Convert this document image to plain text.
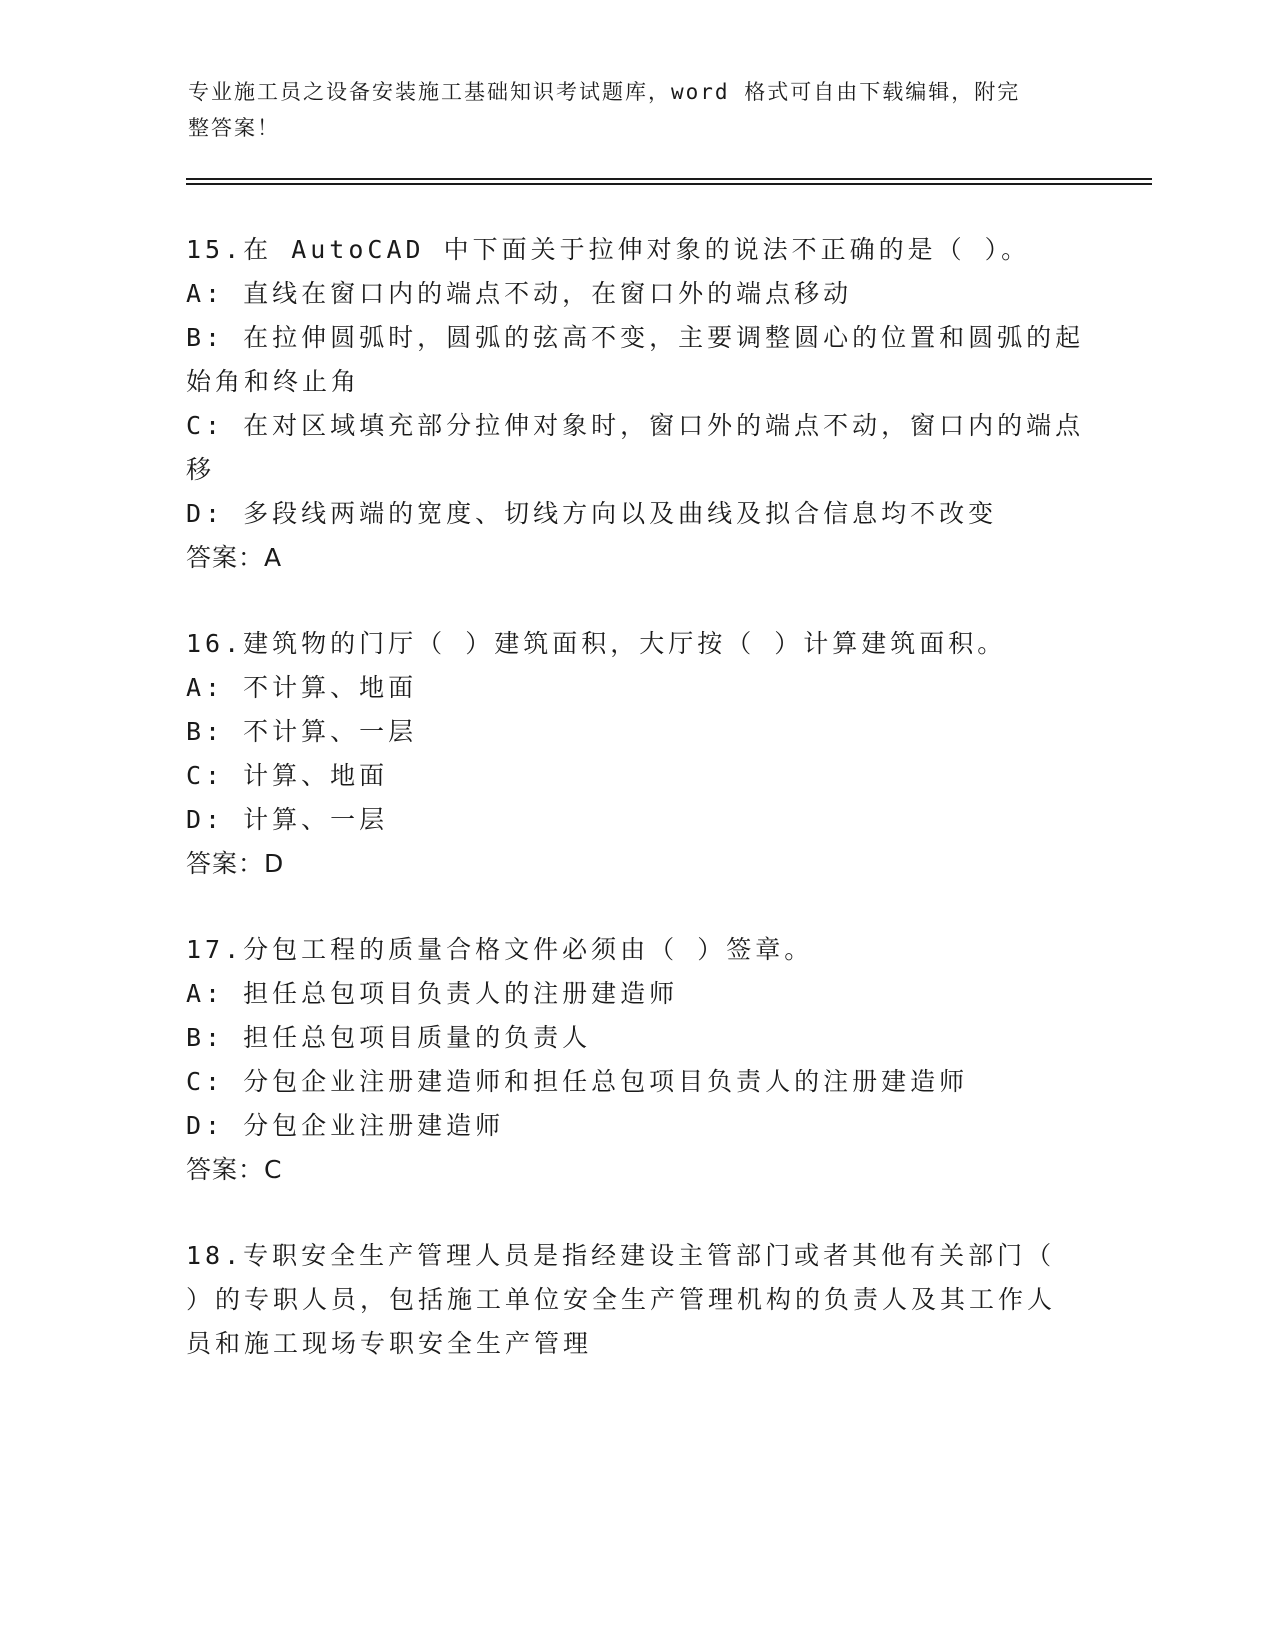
专业施工员之设备安装施工基础知识考试题库，word 格式可自由下载编辑，附完
整答案！
15.在 AutoCAD 中下面关于拉伸对象的说法不正确的是（ ）。
A: 直线在窗口内的端点不动，在窗口外的端点移动
B: 在拉伸圆弧时，圆弧的弦高不变，主要调整圆心的位置和圆弧的起
始角和终止角
C: 在对区域填充部分拉伸对象时，窗口外的端点不动，窗口内的端点
移
D: 多段线两端的宽度、切线方向以及曲线及拟合信息均不改变
答案：A
16.建筑物的门厅（ ）建筑面积，大厅按（ ）计算建筑面积。
A: 不计算、地面
B: 不计算、一层
C: 计算、地面
D: 计算、一层
答案：D
17.分包工程的质量合格文件必须由（ ）签章。
A: 担任总包项目负责人的注册建造师
B: 担任总包项目质量的负责人
C: 分包企业注册建造师和担任总包项目负责人的注册建造师
D: 分包企业注册建造师
答案：C
18.专职安全生产管理人员是指经建设主管部门或者其他有关部门（
）的专职人员，包括施工单位安全生产管理机构的负责人及其工作人
员和施工现场专职安全生产管理
